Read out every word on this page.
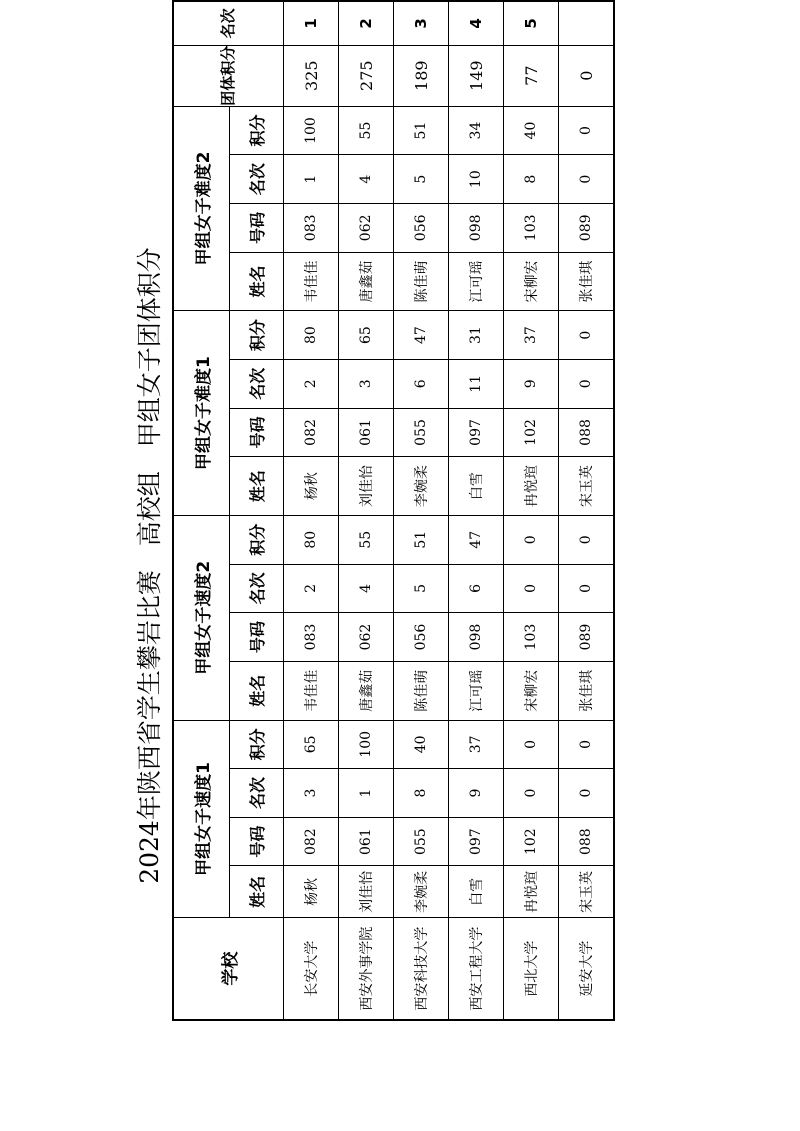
2024年陕西省学生攀岩比赛 高校组 甲组女子团体积分
学校	甲组女子速度1				甲组女子速度2				甲组女子难度1				甲组女子难度2				团体积分	名次
	姓名	号码	名次	积分	姓名	号码	名次	积分	姓名	号码	名次	积分	姓名	号码	名次	积分		
长安大学	杨秋	082	3	65	韦佳佳	083	2	80	杨秋	082	2	80	韦佳佳	083	1	100	325	1
西安外事学院	刘佳怡	061	1	100	唐鑫茹	062	4	55	刘佳怡	061	3	65	唐鑫茹	062	4	55	275	2
西安科技大学	李婉柔	055	8	40	陈佳萌	056	5	51	李婉柔	055	6	47	陈佳萌	056	5	51	189	3
西安工程大学	白雪	097	9	37	江可瑶	098	6	47	白雪	097	11	31	江可瑶	098	10	34	149	4
西北大学	冉悦瑄	102	0	0	宋柳宏	103	0	0	冉悦瑄	102	9	37	宋柳宏	103	8	40	77	5
延安大学	宋玉英	088	0	0	张佳琪	089	0	0	宋玉英	088	0	0	张佳琪	089	0	0	0	
